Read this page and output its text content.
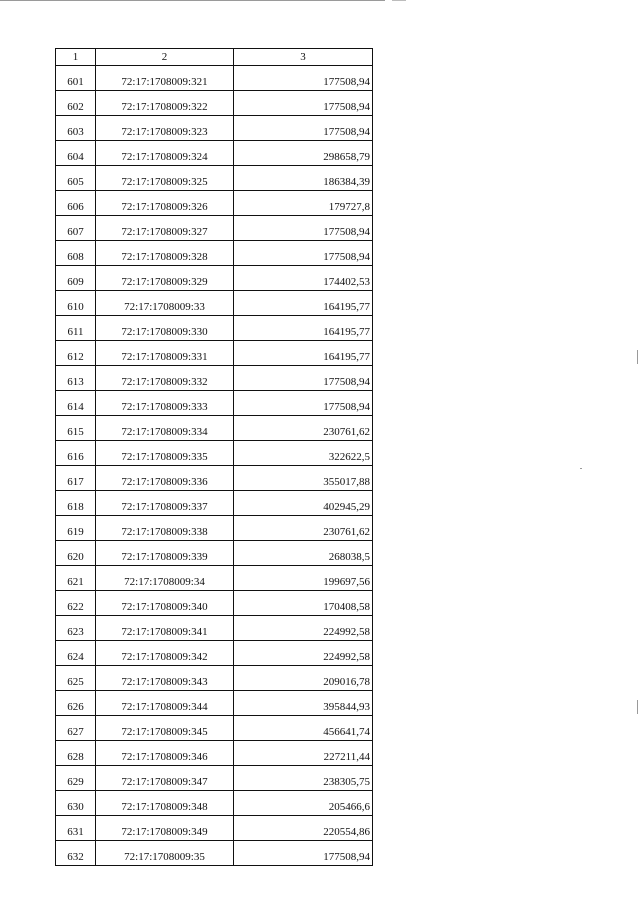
1	2	3
601	72:17:1708009:321	177508,94
602	72:17:1708009:322	177508,94
603	72:17:1708009:323	177508,94
604	72:17:1708009:324	298658,79
605	72:17:1708009:325	186384,39
606	72:17:1708009:326	179727,8
607	72:17:1708009:327	177508,94
608	72:17:1708009:328	177508,94
609	72:17:1708009:329	174402,53
610	72:17:1708009:33	164195,77
611	72:17:1708009:330	164195,77
612	72:17:1708009:331	164195,77
613	72:17:1708009:332	177508,94
614	72:17:1708009:333	177508,94
615	72:17:1708009:334	230761,62
616	72:17:1708009:335	322622,5
617	72:17:1708009:336	355017,88
618	72:17:1708009:337	402945,29
619	72:17:1708009:338	230761,62
620	72:17:1708009:339	268038,5
621	72:17:1708009:34	199697,56
622	72:17:1708009:340	170408,58
623	72:17:1708009:341	224992,58
624	72:17:1708009:342	224992,58
625	72:17:1708009:343	209016,78
626	72:17:1708009:344	395844,93
627	72:17:1708009:345	456641,74
628	72:17:1708009:346	227211,44
629	72:17:1708009:347	238305,75
630	72:17:1708009:348	205466,6
631	72:17:1708009:349	220554,86
632	72:17:1708009:35	177508,94
